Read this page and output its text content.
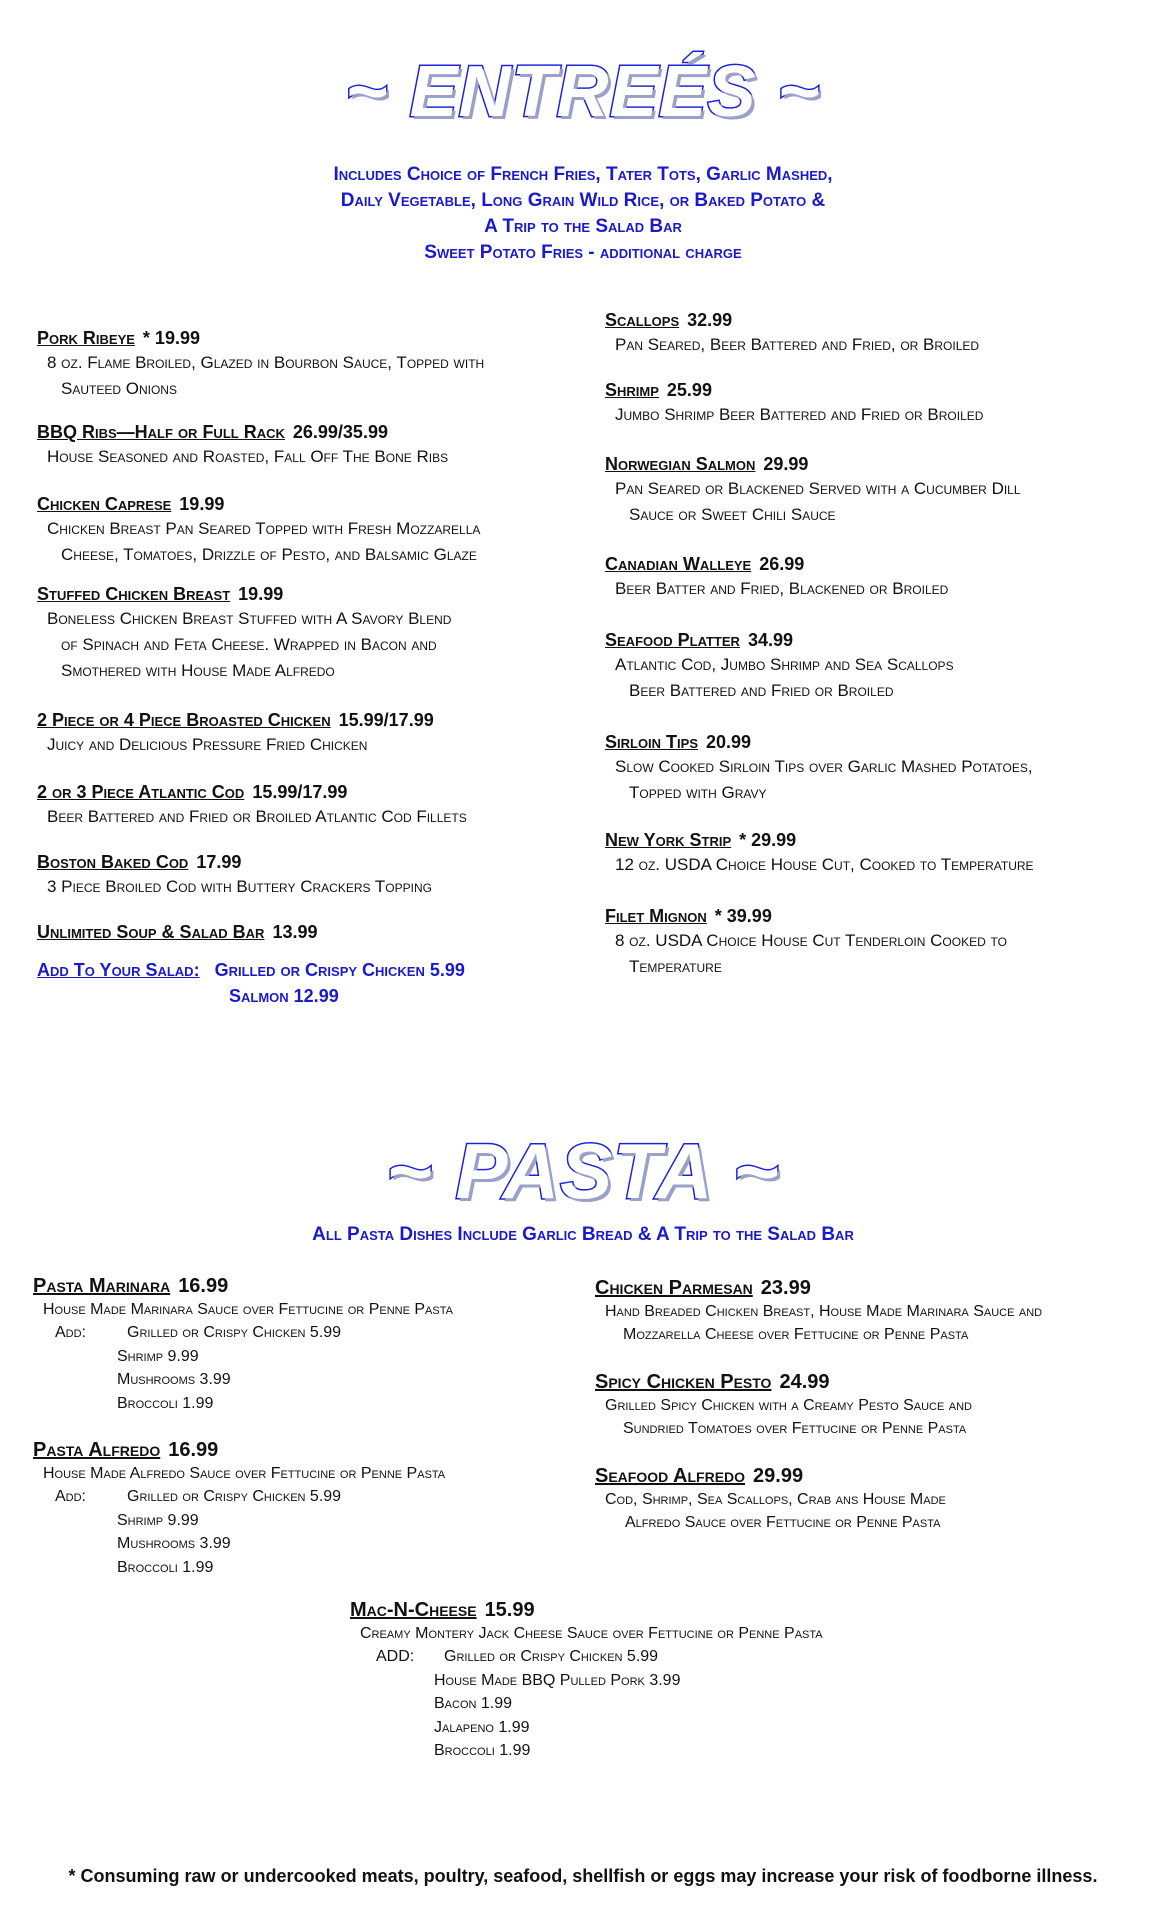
~ ENTREÉS ~
Includes Choice of French Fries, Tater Tots, Garlic Mashed,
Daily Vegetable, Long Grain Wild Rice, or Baked Potato &
A Trip to the Salad Bar
Sweet Potato Fries - additional charge
Pork Ribeye * 19.99
8 oz. Flame Broiled, Glazed in Bourbon Sauce, Topped with
Sauteed Onions
BBQ Ribs—Half or Full Rack 26.99/35.99
House Seasoned and Roasted, Fall Off The Bone Ribs
Chicken Caprese 19.99
Chicken Breast Pan Seared Topped with Fresh Mozzarella
Cheese, Tomatoes, Drizzle of Pesto, and Balsamic Glaze
Stuffed Chicken Breast 19.99
Boneless Chicken Breast Stuffed with A Savory Blend
of Spinach and Feta Cheese. Wrapped in Bacon and
Smothered with House Made Alfredo
2 Piece or 4 Piece Broasted Chicken 15.99/17.99
Juicy and Delicious Pressure Fried Chicken
2 or 3 Piece Atlantic Cod 15.99/17.99
Beer Battered and Fried or Broiled Atlantic Cod Fillets
Boston Baked Cod 17.99
3 Piece Broiled Cod with Buttery Crackers Topping
Unlimited Soup & Salad Bar 13.99
Scallops 32.99
Pan Seared, Beer Battered and Fried, or Broiled
Shrimp 25.99
Jumbo Shrimp Beer Battered and Fried or Broiled
Norwegian Salmon 29.99
Pan Seared or Blackened Served with a Cucumber Dill
Sauce or Sweet Chili Sauce
Canadian Walleye 26.99
Beer Batter and Fried, Blackened or Broiled
Seafood Platter 34.99
Atlantic Cod, Jumbo Shrimp and Sea Scallops
Beer Battered and Fried or Broiled
Sirloin Tips 20.99
Slow Cooked Sirloin Tips over Garlic Mashed Potatoes,
Topped with Gravy
New York Strip * 29.99
12 oz. USDA Choice House Cut, Cooked to Temperature
Filet Mignon * 39.99
8 oz. USDA Choice House Cut Tenderloin Cooked to
Temperature
Add To Your Salad: Grilled or Crispy Chicken 5.99
Salmon 12.99
~ PASTA ~
All Pasta Dishes Include Garlic Bread & A Trip to the Salad Bar
Pasta Marinara 16.99
House Made Marinara Sauce over Fettucine or Penne Pasta
Add:	Grilled or Crispy Chicken 5.99
Shrimp 9.99
Mushrooms 3.99
Broccoli 1.99
Pasta Alfredo 16.99
House Made Alfredo Sauce over Fettucine or Penne Pasta
Add:	Grilled or Crispy Chicken 5.99
Shrimp 9.99
Mushrooms 3.99
Broccoli 1.99
Chicken Parmesan 23.99
Hand Breaded Chicken Breast, House Made Marinara Sauce and
Mozzarella Cheese over Fettucine or Penne Pasta
Spicy Chicken Pesto 24.99
Grilled Spicy Chicken with a Creamy Pesto Sauce and
Sundried Tomatoes over Fettucine or Penne Pasta
Seafood Alfredo 29.99
Cod, Shrimp, Sea Scallops, Crab ans House Made
Alfredo Sauce over Fettucine or Penne Pasta
Mac-N-Cheese 15.99
Creamy Montery Jack Cheese Sauce over Fettucine or Penne Pasta
ADD: Grilled or Crispy Chicken 5.99
House Made BBQ Pulled Pork 3.99
Bacon 1.99
Jalapeno 1.99
Broccoli 1.99
* Consuming raw or undercooked meats, poultry, seafood, shellfish or eggs may increase your risk of foodborne illness.
